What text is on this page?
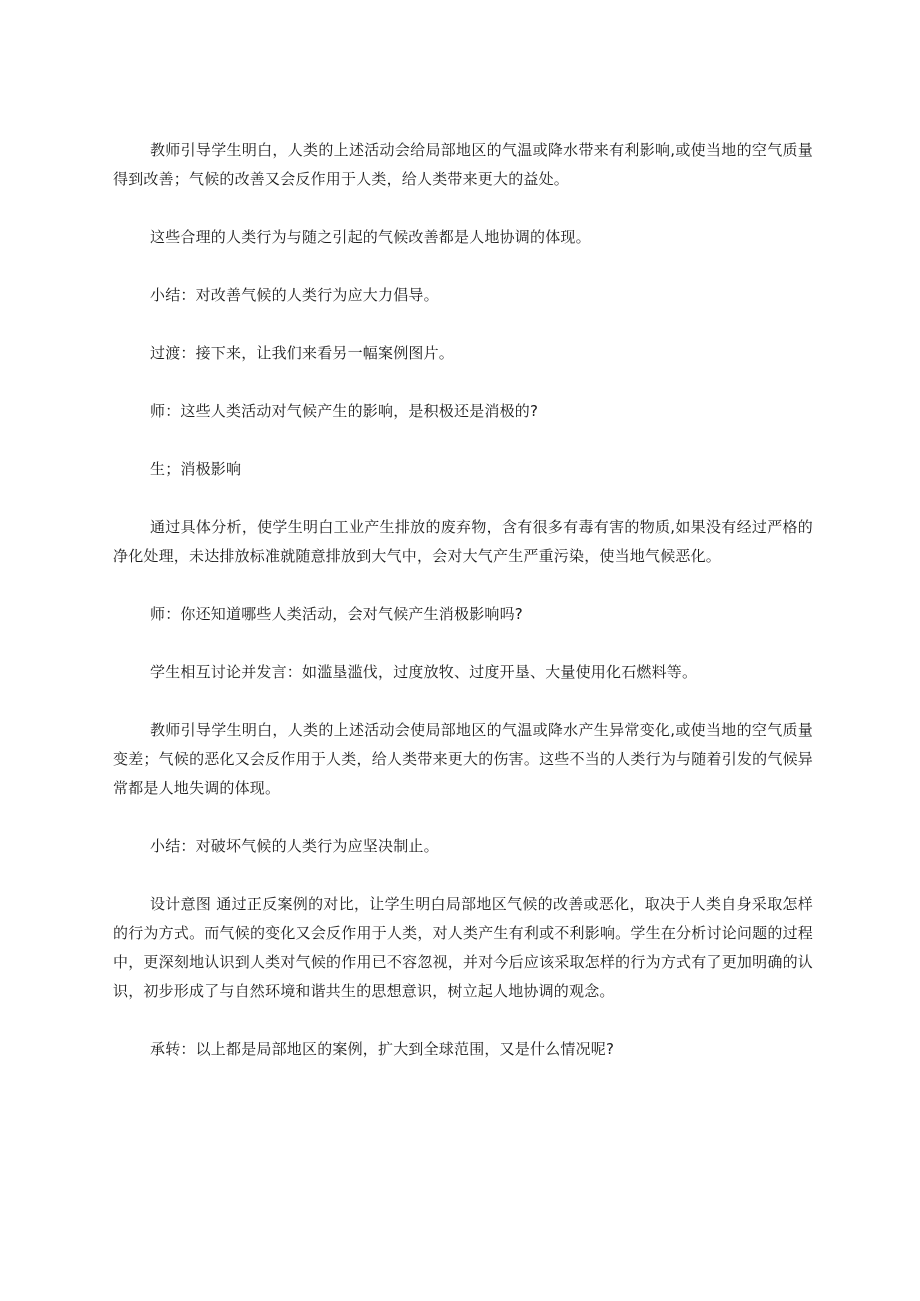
教师引导学生明白，人类的上述活动会给局部地区的气温或降水带来有利影响,或使当地的空气质量得到改善；气候的改善又会反作用于人类，给人类带来更大的益处。

这些合理的人类行为与随之引起的气候改善都是人地协调的体现。

小结：对改善气候的人类行为应大力倡导。

过渡：接下来，让我们来看另一幅案例图片。

师：这些人类活动对气候产生的影响，是积极还是消极的?

生；消极影响

通过具体分析，使学生明白工业产生排放的废弃物，含有很多有毒有害的物质,如果没有经过严格的净化处理，未达排放标准就随意排放到大气中，会对大气产生严重污染，使当地气候恶化。

师：你还知道哪些人类活动，会对气候产生消极影响吗?

学生相互讨论并发言：如滥垦滥伐，过度放牧、过度开垦、大量使用化石燃料等。

教师引导学生明白，人类的上述活动会使局部地区的气温或降水产生异常变化,或使当地的空气质量变差；气候的恶化又会反作用于人类，给人类带来更大的伤害。这些不当的人类行为与随着引发的气候异常都是人地失调的体现。

小结：对破坏气候的人类行为应坚决制止。

设计意图 通过正反案例的对比，让学生明白局部地区气候的改善或恶化，取决于人类自身采取怎样的行为方式。而气候的变化又会反作用于人类，对人类产生有利或不利影响。学生在分析讨论问题的过程中，更深刻地认识到人类对气候的作用已不容忽视，并对今后应该采取怎样的行为方式有了更加明确的认识，初步形成了与自然环境和谐共生的思想意识，树立起人地协调的观念。

承转：以上都是局部地区的案例，扩大到全球范围，又是什么情况呢?
